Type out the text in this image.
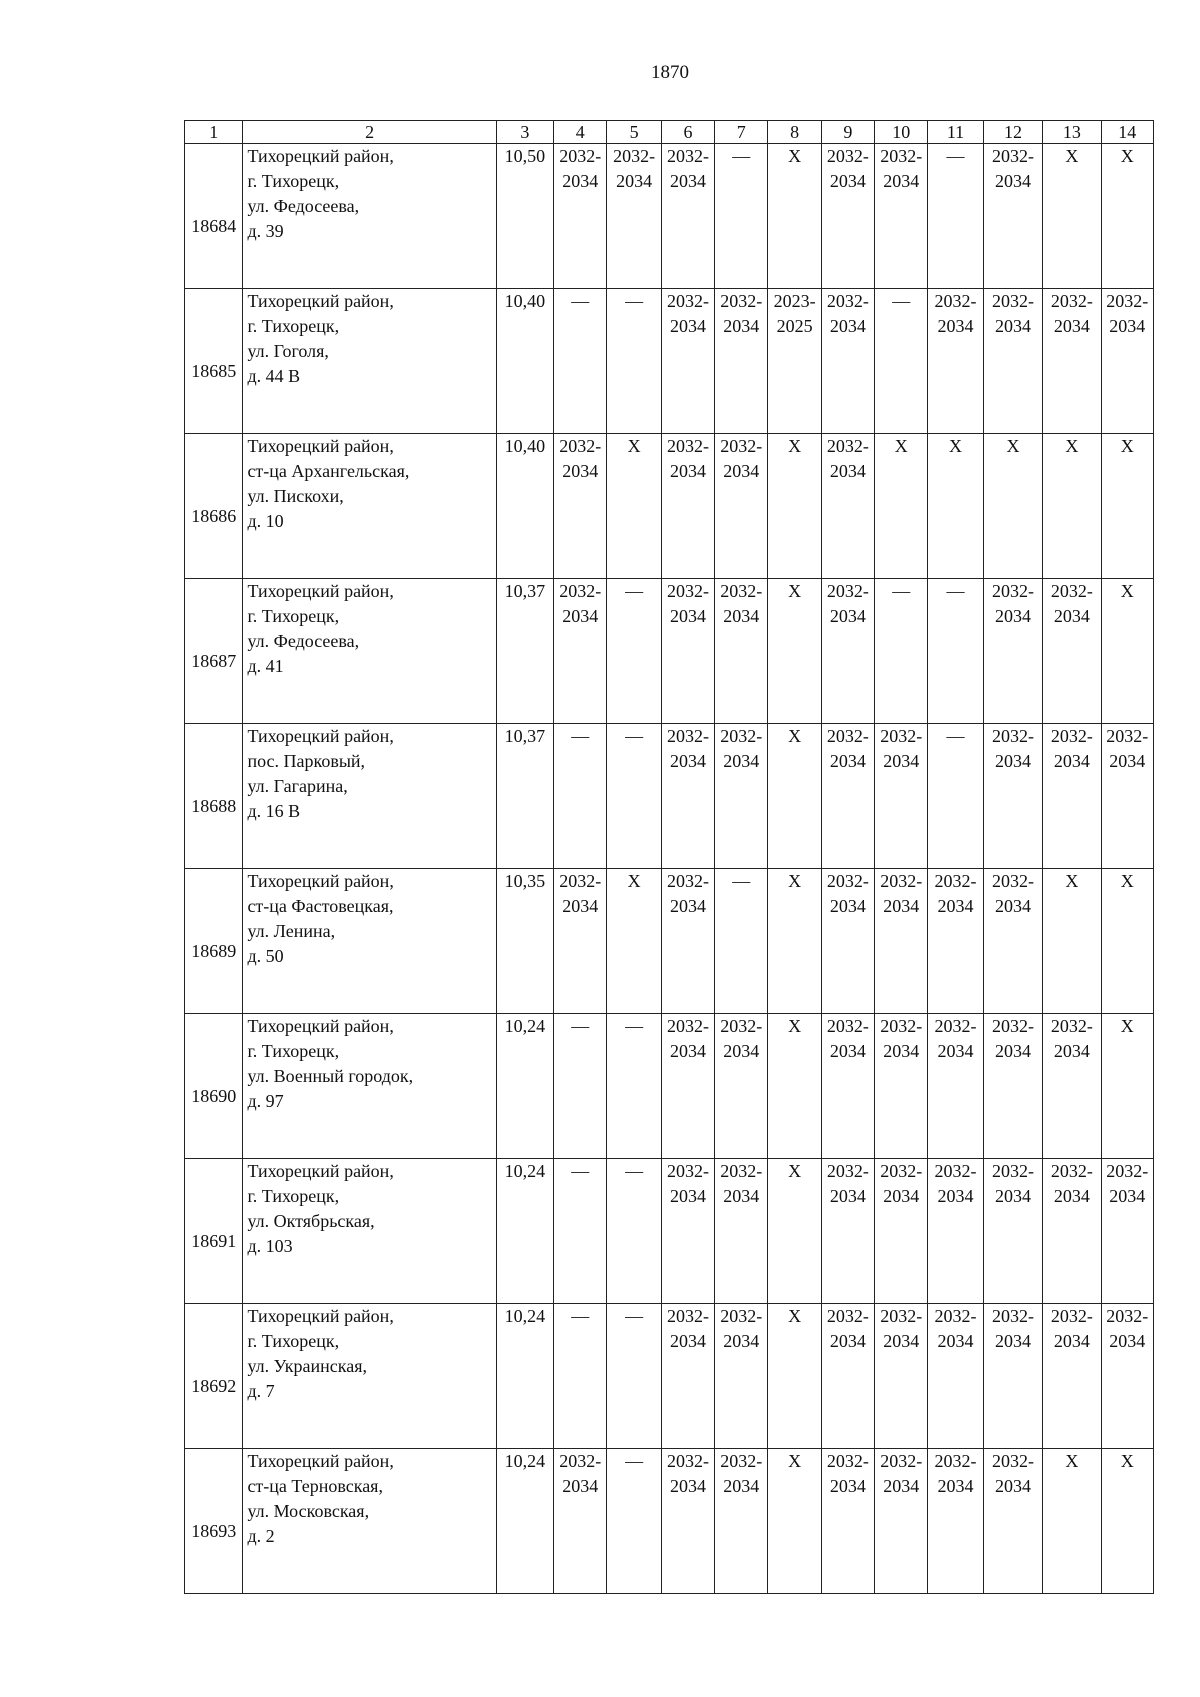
1870
1	2	3	4	5	6	7	8	9	10	11	12	13	14
18684	Тихорецкий район,
г. Тихорецк,
ул. Федосеева,
д. 39	10,50	2032-
2034	2032-
2034	2032-
2034	—	X	2032-
2034	2032-
2034	—	2032-
2034	X	X
18685	Тихорецкий район,
г. Тихорецк,
ул. Гоголя,
д. 44 В	10,40	—	—	2032-
2034	2032-
2034	2023-
2025	2032-
2034	—	2032-
2034	2032-
2034	2032-
2034	2032-
2034
18686	Тихорецкий район,
ст-ца Архангельская,
ул. Пискохи,
д. 10	10,40	2032-
2034	X	2032-
2034	2032-
2034	X	2032-
2034	X	X	X	X	X
18687	Тихорецкий район,
г. Тихорецк,
ул. Федосеева,
д. 41	10,37	2032-
2034	—	2032-
2034	2032-
2034	X	2032-
2034	—	—	2032-
2034	2032-
2034	X
18688	Тихорецкий район,
пос. Парковый,
ул. Гагарина,
д. 16 В	10,37	—	—	2032-
2034	2032-
2034	X	2032-
2034	2032-
2034	—	2032-
2034	2032-
2034	2032-
2034
18689	Тихорецкий район,
ст-ца Фастовецкая,
ул. Ленина,
д. 50	10,35	2032-
2034	X	2032-
2034	—	X	2032-
2034	2032-
2034	2032-
2034	2032-
2034	X	X
18690	Тихорецкий район,
г. Тихорецк,
ул. Военный городок,
д. 97	10,24	—	—	2032-
2034	2032-
2034	X	2032-
2034	2032-
2034	2032-
2034	2032-
2034	2032-
2034	X
18691	Тихорецкий район,
г. Тихорецк,
ул. Октябрьская,
д. 103	10,24	—	—	2032-
2034	2032-
2034	X	2032-
2034	2032-
2034	2032-
2034	2032-
2034	2032-
2034	2032-
2034
18692	Тихорецкий район,
г. Тихорецк,
ул. Украинская,
д. 7	10,24	—	—	2032-
2034	2032-
2034	X	2032-
2034	2032-
2034	2032-
2034	2032-
2034	2032-
2034	2032-
2034
18693	Тихорецкий район,
ст-ца Терновская,
ул. Московская,
д. 2	10,24	2032-
2034	—	2032-
2034	2032-
2034	X	2032-
2034	2032-
2034	2032-
2034	2032-
2034	X	X
